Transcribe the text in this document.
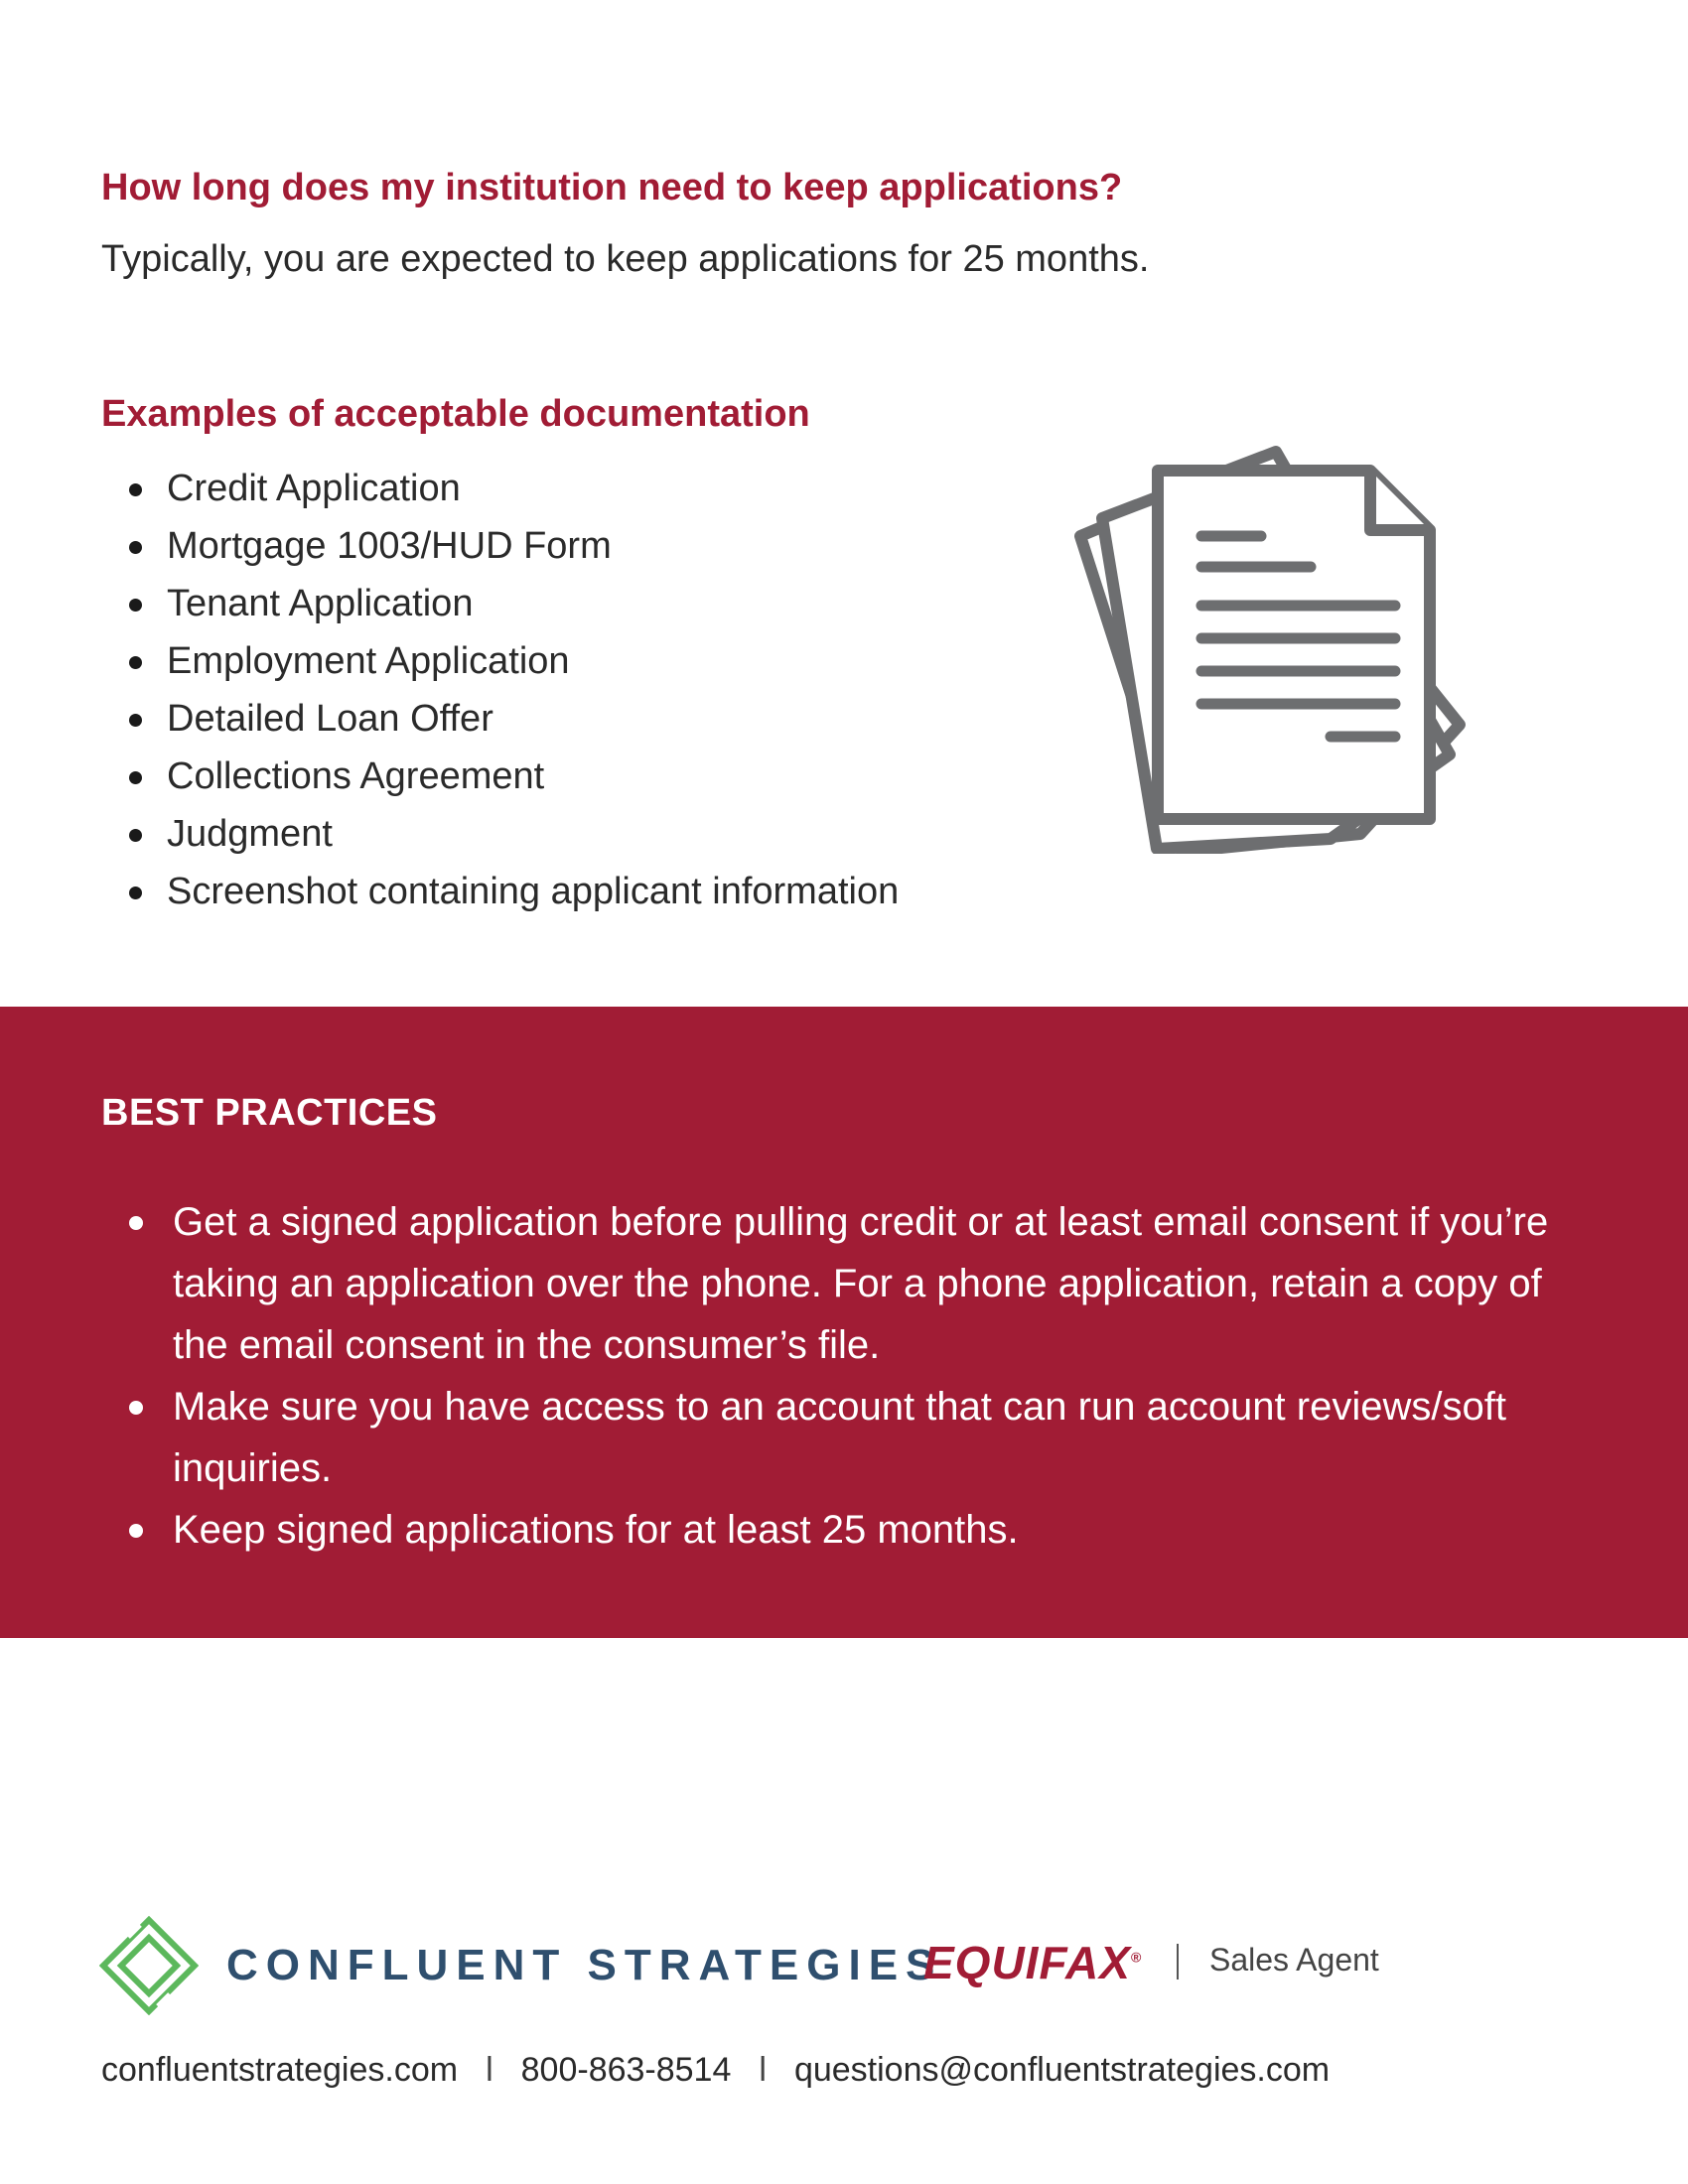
How long does my institution need to keep applications?

Typically, you are expected to keep applications for 25 months.

Examples of acceptable documentation
Credit Application
Mortgage 1003/HUD Form
Tenant Application
Employment Application
Detailed Loan Offer
Collections Agreement
Judgment
Screenshot containing applicant information
BEST PRACTICES
Get a signed application before pulling credit or at least email consent if you’re taking an application over the phone. For a phone application, retain a copy of the email consent in the consumer’s file.
Make sure you have access to an account that can run account reviews/soft inquiries.
Keep signed applications for at least 25 months.

CONFLUENT STRATEGIES

EQUIFAX® Sales Agent

confluentstrategies.com l 800-863-8514 l questions@confluentstrategies.com
